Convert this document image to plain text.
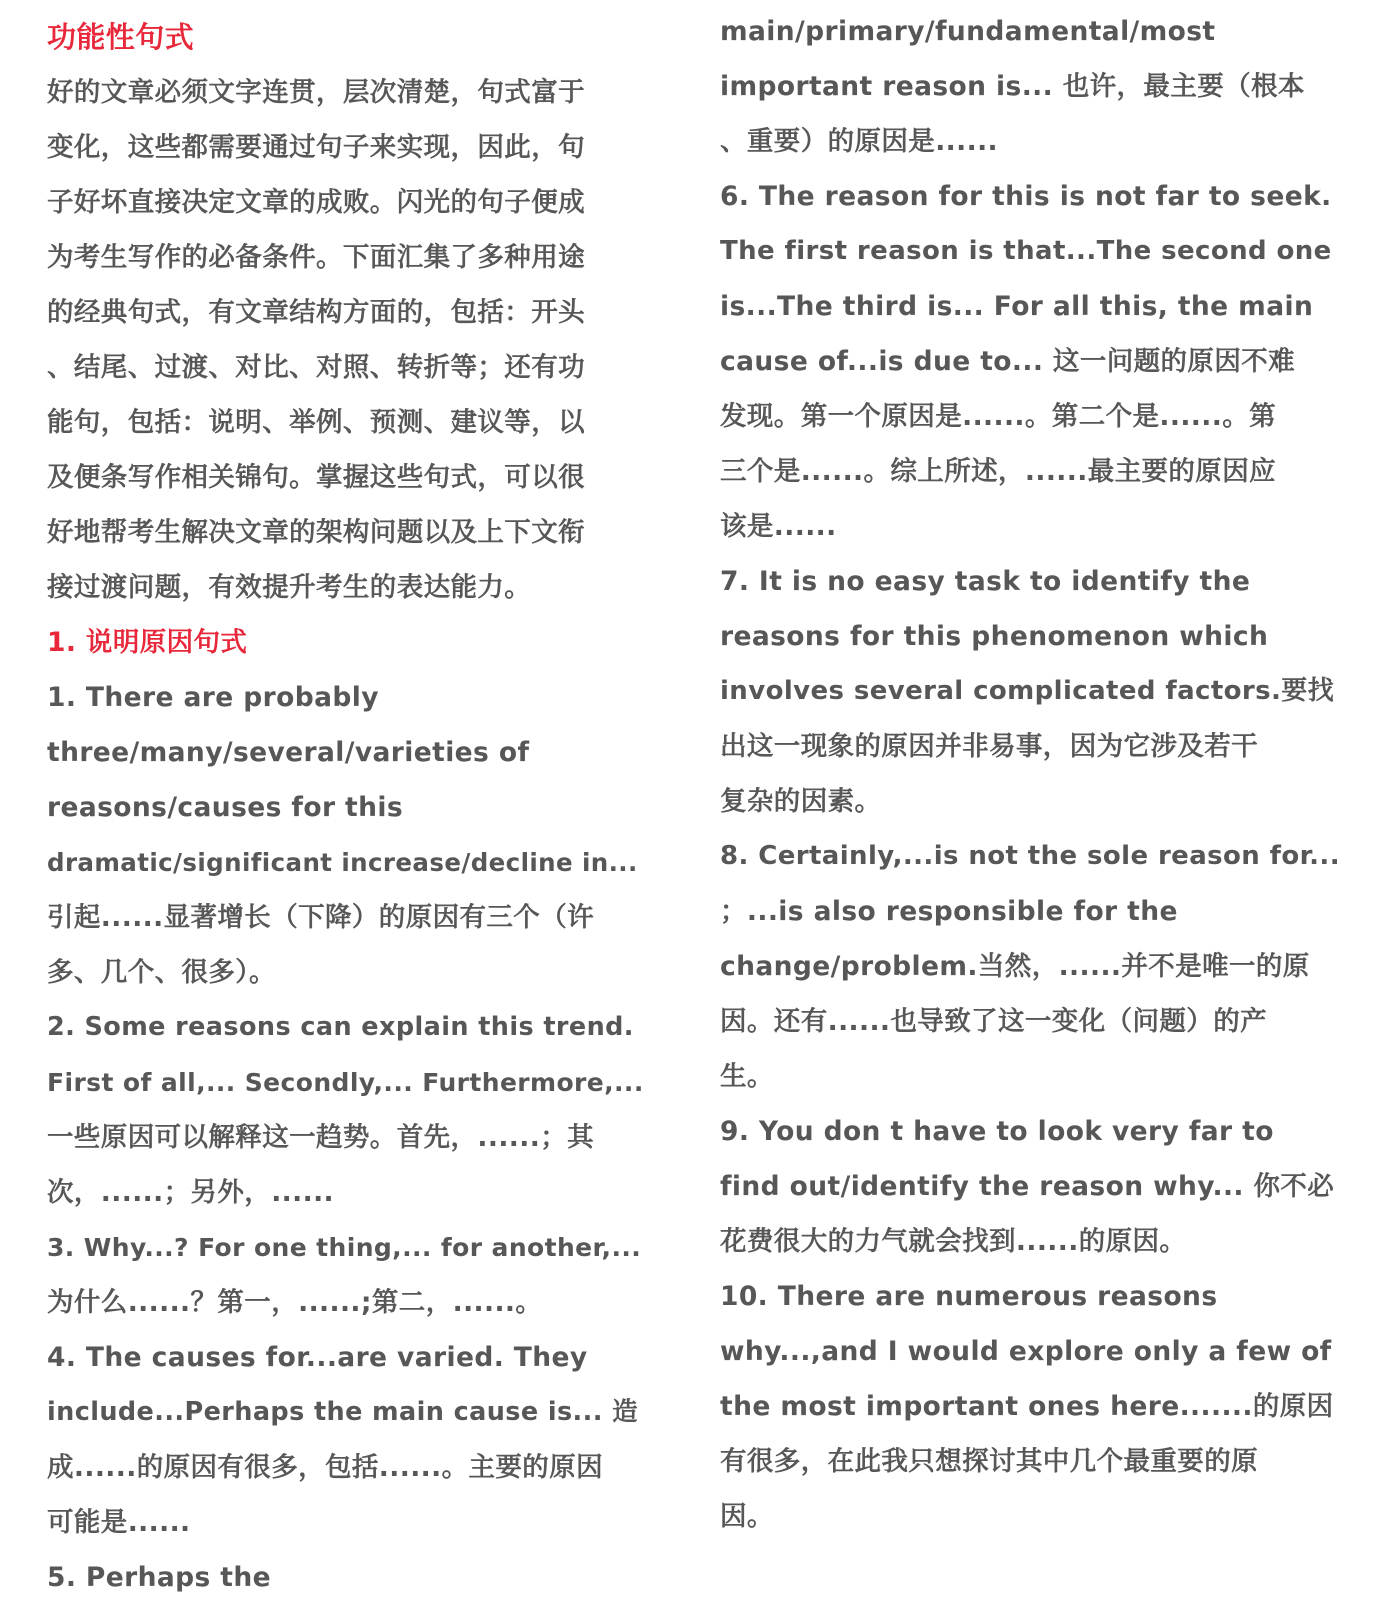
功能性句式
好的文章必须文字连贯，层次清楚，句式富于
变化，这些都需要通过句子来实现，因此，句
子好坏直接决定文章的成败。闪光的句子便成
为考生写作的必备条件。下面汇集了多种用途
的经典句式，有文章结构方面的，包括：开头
、结尾、过渡、对比、对照、转折等；还有功
能句，包括：说明、举例、预测、建议等，以
及便条写作相关锦句。掌握这些句式，可以很
好地帮考生解决文章的架构问题以及上下文衔
接过渡问题，有效提升考生的表达能力。
1. 说明原因句式
1. There are probably
three/many/several/varieties of
reasons/causes for this
dramatic/significant increase/decline in...
引起......显著增长（下降）的原因有三个（许
多、几个、很多）。
2. Some reasons can explain this trend.
First of all,... Secondly,... Furthermore,...
一些原因可以解释这一趋势。首先，......；其
次，......；另外，......
3. Why...? For one thing,... for another,...
为什么......？第一，......;第二，......。
4. The causes for...are varied. They
include...Perhaps the main cause is... 造
成......的原因有很多，包括......。主要的原因
可能是......
5. Perhaps the
main/primary/fundamental/most
important reason is... 也许，最主要（根本
、重要）的原因是......
6. The reason for this is not far to seek.
The first reason is that...The second one
is...The third is... For all this, the main
cause of...is due to... 这一问题的原因不难
发现。第一个原因是......。第二个是......。第
三个是......。综上所述，......最主要的原因应
该是......
7. It is no easy task to identify the
reasons for this phenomenon which
involves several complicated factors.要找
出这一现象的原因并非易事，因为它涉及若干
复杂的因素。
8. Certainly,...is not the sole reason for...
；...is also responsible for the
change/problem.当然，......并不是唯一的原
因。还有......也导致了这一变化（问题）的产
生。
9. You don t have to look very far to
find out/identify the reason why... 你不必
花费很大的力气就会找到......的原因。
10. There are numerous reasons
why...,and I would explore only a few of
the most important ones here.......的原因
有很多，在此我只想探讨其中几个最重要的原
因。
